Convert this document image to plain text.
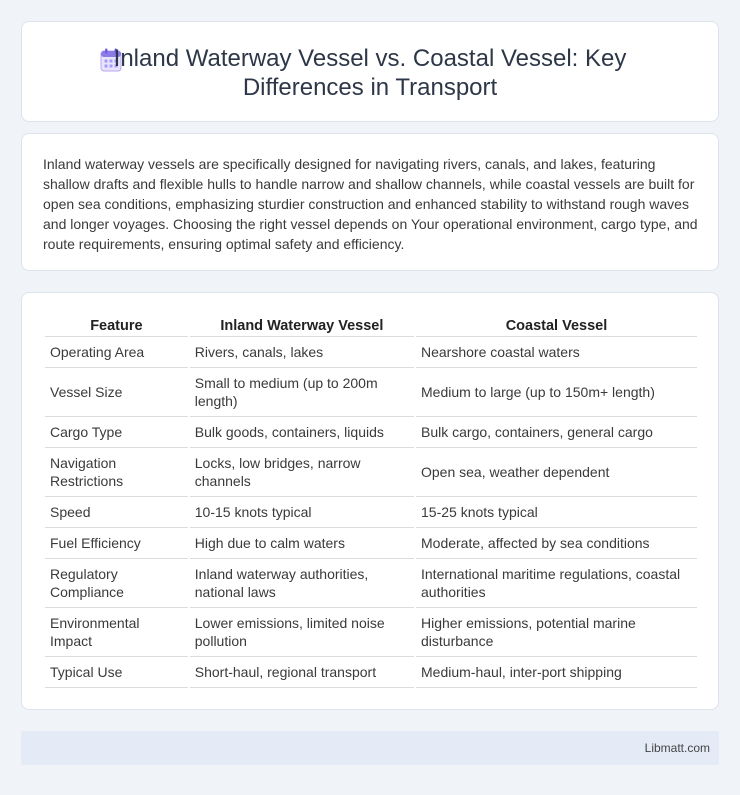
Inland Waterway Vessel vs. Coastal Vessel: Key
Differences in Transport

Inland waterway vessels are specifically designed for navigating rivers, canals, and lakes, featuring shallow drafts and flexible hulls to handle narrow and shallow channels, while coastal vessels are built for open sea conditions, emphasizing sturdier construction and enhanced stability to withstand rough waves and longer voyages. Choosing the right vessel depends on Your operational environment, cargo type, and route requirements, ensuring optimal safety and efficiency.

Feature	Inland Waterway Vessel	Coastal Vessel
Operating Area	Rivers, canals, lakes	Nearshore coastal waters
Vessel Size	Small to medium (up to 200m length)	Medium to large (up to 150m+ length)
Cargo Type	Bulk goods, containers, liquids	Bulk cargo, containers, general cargo
Navigation Restrictions	Locks, low bridges, narrow channels	Open sea, weather dependent
Speed	10-15 knots typical	15-25 knots typical
Fuel Efficiency	High due to calm waters	Moderate, affected by sea conditions
Regulatory Compliance	Inland waterway authorities, national laws	International maritime regulations, coastal authorities
Environmental Impact	Lower emissions, limited noise pollution	Higher emissions, potential marine disturbance
Typical Use	Short-haul, regional transport	Medium-haul, inter-port shipping
Libmatt.com
